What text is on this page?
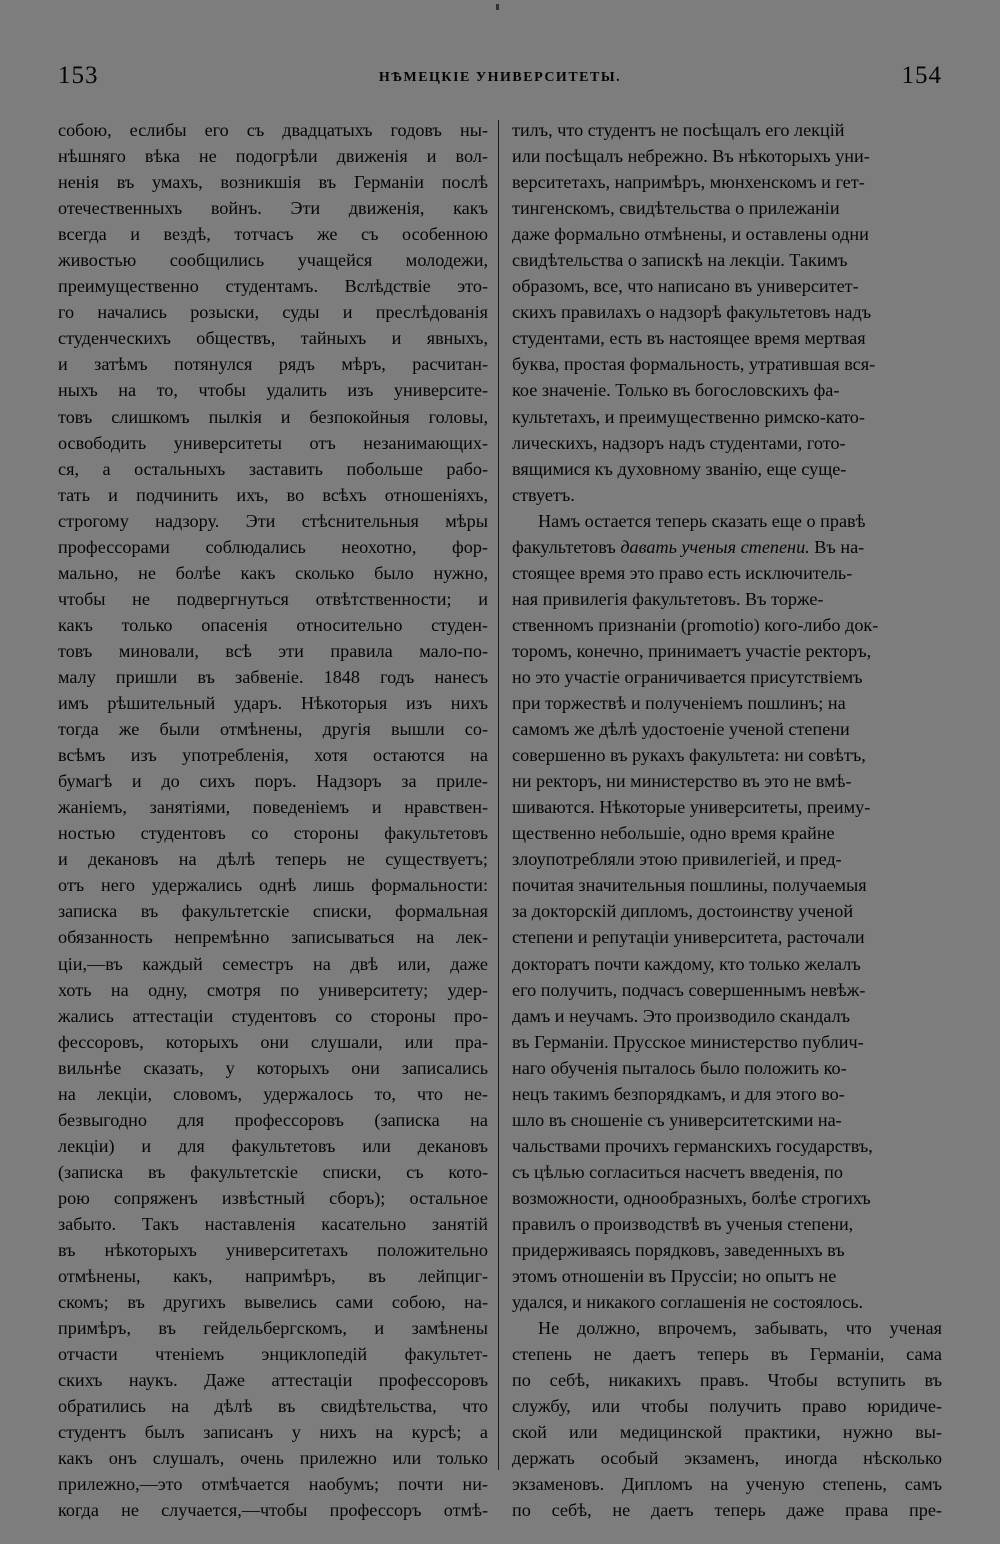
153	НѢМЕЦКІЕ УНИВЕРСИТЕТЫ.	154

собою, еслибы его съ двадцатыхъ годовъ ны-
нѣшняго вѣка не подогрѣли движенія и вол-
ненія въ умахъ, возникшія въ Германіи послѣ
отечественныхъ войнъ. Эти движенія, какъ
всегда и вездѣ, тотчасъ же съ особенною
живостью сообщились учащейся молодежи,
преимущественно студентамъ. Вслѣдствіе это-
го начались розыски, суды и преслѣдованія
студенческихъ обществъ, тайныхъ и явныхъ,
и затѣмъ потянулся рядъ мѣръ, расчитан-
ныхъ на то, чтобы удалить изъ университе-
товъ слишкомъ пылкія и безпокойныя головы,
освободить университеты отъ незанимающих-
ся, а остальныхъ заставить побольше рабо-
тать и подчинить ихъ, во всѣхъ отношеніяхъ,
строгому надзору. Эти стѣснительныя мѣры
профессорами соблюдались неохотно, фор-
мально, не болѣе какъ сколько было нужно,
чтобы не подвергнуться отвѣтственности; и
какъ только опасенія относительно студен-
товъ миновали, всѣ эти правила мало-по-
малу пришли въ забвеніе. 1848 годъ нанесъ
имъ рѣшительный ударъ. Нѣкоторыя изъ нихъ
тогда же были отмѣнены, другія вышли со-
всѣмъ изъ употребленія, хотя остаются на
бумагѣ и до сихъ поръ. Надзоръ за приле-
жаніемъ, занятіями, поведеніемъ и нравствен-
ностью студентовъ со стороны факультетовъ
и декановъ на дѣлѣ теперь не существуетъ;
отъ него удержались однѣ лишь формальности:
записка въ факультетскіе списки, формальная
обязанность непремѣнно записываться на лек-
ціи,—въ каждый семестръ на двѣ или, даже
хоть на одну, смотря по университету; удер-
жались аттестаціи студентовъ со стороны про-
фессоровъ, которыхъ они слушали, или пра-
вильнѣе сказать, у которыхъ они записались
на лекціи, словомъ, удержалось то, что не-
безвыгодно для профессоровъ (записка на
лекціи) и для факультетовъ или декановъ
(записка въ факультетскіе списки, съ кото-
рою сопряженъ извѣстный сборъ); остальное
забыто. Такъ наставленія касательно занятій
въ нѣкоторыхъ университетахъ положительно
отмѣнены, какъ, напримѣръ, въ лейпциг-
скомъ; въ другихъ вывелись сами собою, на-
примѣръ, въ гейдельбергскомъ, и замѣнены
отчасти чтеніемъ энциклопедій факультет-
скихъ наукъ. Даже аттестаціи профессоровъ
обратились на дѣлѣ въ свидѣтельства, что
студентъ былъ записанъ у нихъ на курсѣ; а
какъ онъ слушалъ, очень прилежно или только
прилежно,—это отмѣчается наобумъ; почти ни-
когда не случается,—чтобы профессоръ отмѣ-

тилъ, что студентъ не посѣщалъ его лекцій
или посѣщалъ небрежно. Въ нѣкоторыхъ уни-
верситетахъ, напримѣръ, мюнхенскомъ и гет-
тингенскомъ, свидѣтельства о прилежаніи
даже формально отмѣнены, и оставлены одни
свидѣтельства о запискѣ на лекціи. Такимъ
образомъ, все, что написано въ университет-
скихъ правилахъ о надзорѣ факультетовъ надъ
студентами, есть въ настоящее время мертвая
буква, простая формальность, утратившая вся-
кое значеніе. Только въ богословскихъ фа-
культетахъ, и преимущественно римско-като-
лическихъ, надзоръ надъ студентами, гото-
вящимися къ духовному званію, еще суще-
ствуетъ.

Намъ остается теперь сказать еще о правѣ
факультетовъ давать ученыя степени. Въ на-
стоящее время это право есть исключитель-
ная привилегія факультетовъ. Въ торже-
ственномъ признаніи (promotio) кого-либо док-
торомъ, конечно, принимаетъ участіе ректоръ,
но это участіе ограничивается присутствіемъ
при торжествѣ и полученіемъ пошлинъ; на
самомъ же дѣлѣ удостоеніе ученой степени
совершенно въ рукахъ факультета: ни совѣтъ,
ни ректоръ, ни министерство въ это не вмѣ-
шиваются. Нѣкоторые университеты, преиму-
щественно небольшіе, одно время крайне
злоупотребляли этою привилегіей, и пред-
почитая значительныя пошлины, получаемыя
за докторскій дипломъ, достоинству ученой
степени и репутаціи университета, расточали
докторатъ почти каждому, кто только желалъ
его получить, подчасъ совершеннымъ невѣж-
дамъ и неучамъ. Это производило скандалъ
въ Германіи. Прусское министерство публич-
наго обученія пыталось было положить ко-
нецъ такимъ безпорядкамъ, и для этого во-
шло въ сношеніе съ университетскими на-
чальствами прочихъ германскихъ государствъ,
съ цѣлью согласиться насчетъ введенія, по
возможности, однообразныхъ, болѣе строгихъ
правилъ о производствѣ въ ученыя степени,
придерживаясь порядковъ, заведенныхъ въ
этомъ отношеніи въ Пруссіи; но опытъ не
удался, и никакого соглашенія не состоялось.

Не должно, впрочемъ, забывать, что ученая
степень не даетъ теперь въ Германіи, сама
по себѣ, никакихъ правъ. Чтобы вступить въ
службу, или чтобы получить право юридиче-
ской или медицинской практики, нужно вы-
держать особый экзаменъ, иногда нѣсколько
экзаменовъ. Дипломъ на ученую степень, самъ
по себѣ, не даетъ теперь даже права пре-
